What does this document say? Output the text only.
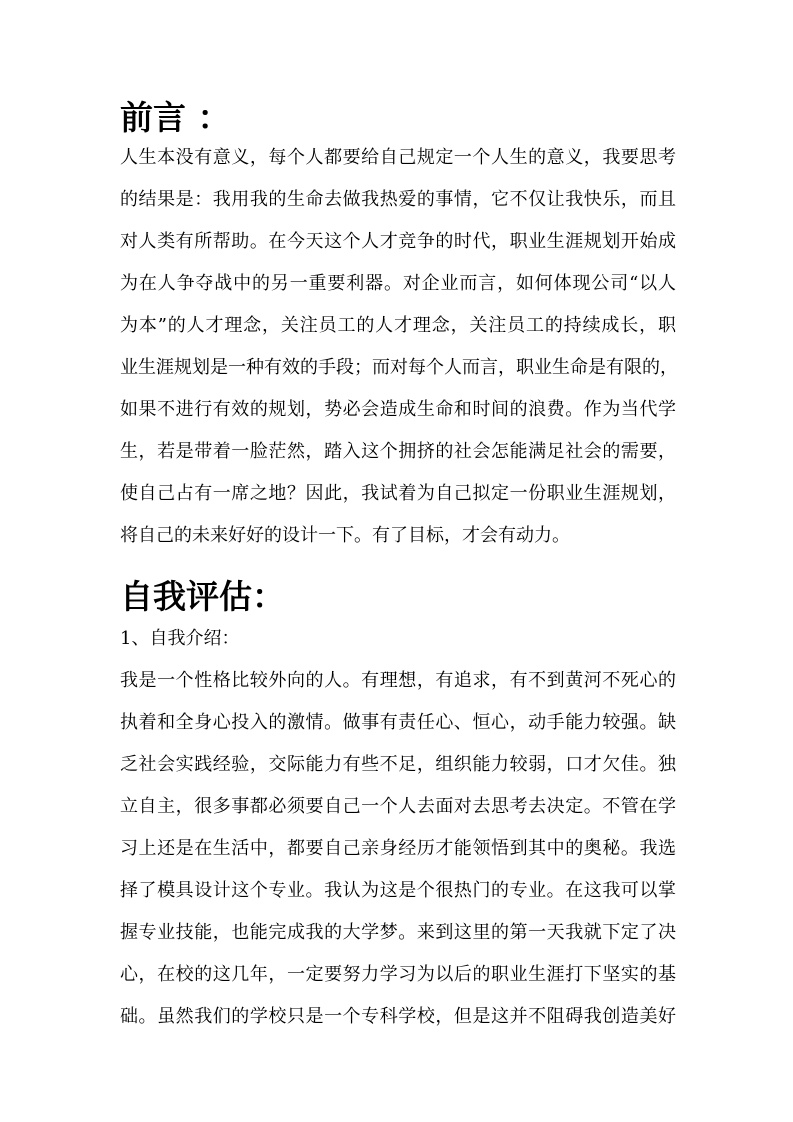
前言 ：
人生本没有意义，每个人都要给自己规定一个人生的意义，我要思考
的结果是：我用我的生命去做我热爱的事情，它不仅让我快乐，而且
对人类有所帮助。在今天这个人才竞争的时代，职业生涯规划开始成
为在人争夺战中的另一重要利器。对企业而言，如何体现公司“以人
为本”的人才理念，关注员工的人才理念，关注员工的持续成长，职
业生涯规划是一种有效的手段；而对每个人而言，职业生命是有限的，
如果不进行有效的规划，势必会造成生命和时间的浪费。作为当代学
生，若是带着一脸茫然，踏入这个拥挤的社会怎能满足社会的需要，
使自己占有一席之地？因此，我试着为自己拟定一份职业生涯规划，
将自己的未来好好的设计一下。有了目标，才会有动力。
自我评估：
1、自我介绍：
我是一个性格比较外向的人。有理想，有追求，有不到黄河不死心的
执着和全身心投入的激情。做事有责任心、恒心，动手能力较强。缺
乏社会实践经验，交际能力有些不足，组织能力较弱，口才欠佳。独
立自主，很多事都必须要自己一个人去面对去思考去决定。不管在学
习上还是在生活中，都要自己亲身经历才能领悟到其中的奥秘。我选
择了模具设计这个专业。我认为这是个很热门的专业。在这我可以掌
握专业技能，也能完成我的大学梦。来到这里的第一天我就下定了决
心，在校的这几年，一定要努力学习为以后的职业生涯打下坚实的基
础。虽然我们的学校只是一个专科学校，但是这并不阻碍我创造美好
